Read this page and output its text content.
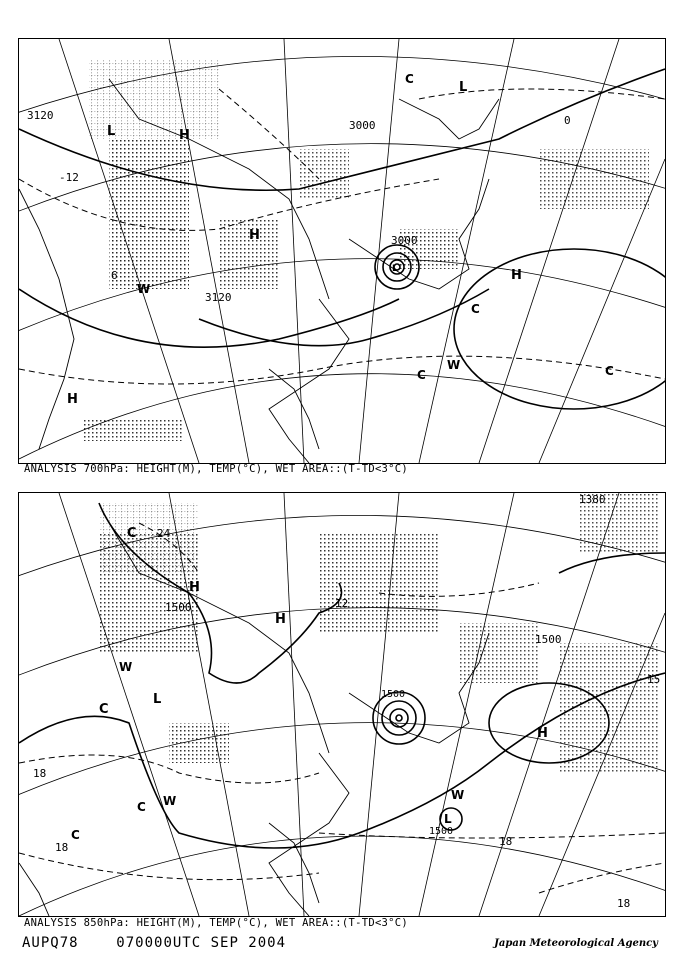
3120
3000
3000
3120
-12
6
0
L
L
H
H
H
H
W
W
C
C	C
C
L
ANALYSIS 700hPa: HEIGHT(M), TEMP(°C), WET AREA::(T-TD<3°C)
1380
1500
1500
1500
1500
15
24
12
18
18	18
18
C
H
H
H
C
L
W
W
C
C
L
W
ANALYSIS 850hPa: HEIGHT(M), TEMP(°C), WET AREA::(T-TD<3°C)
AUPQ78	070000UTC SEP 2004	Japan Meteorological Agency
